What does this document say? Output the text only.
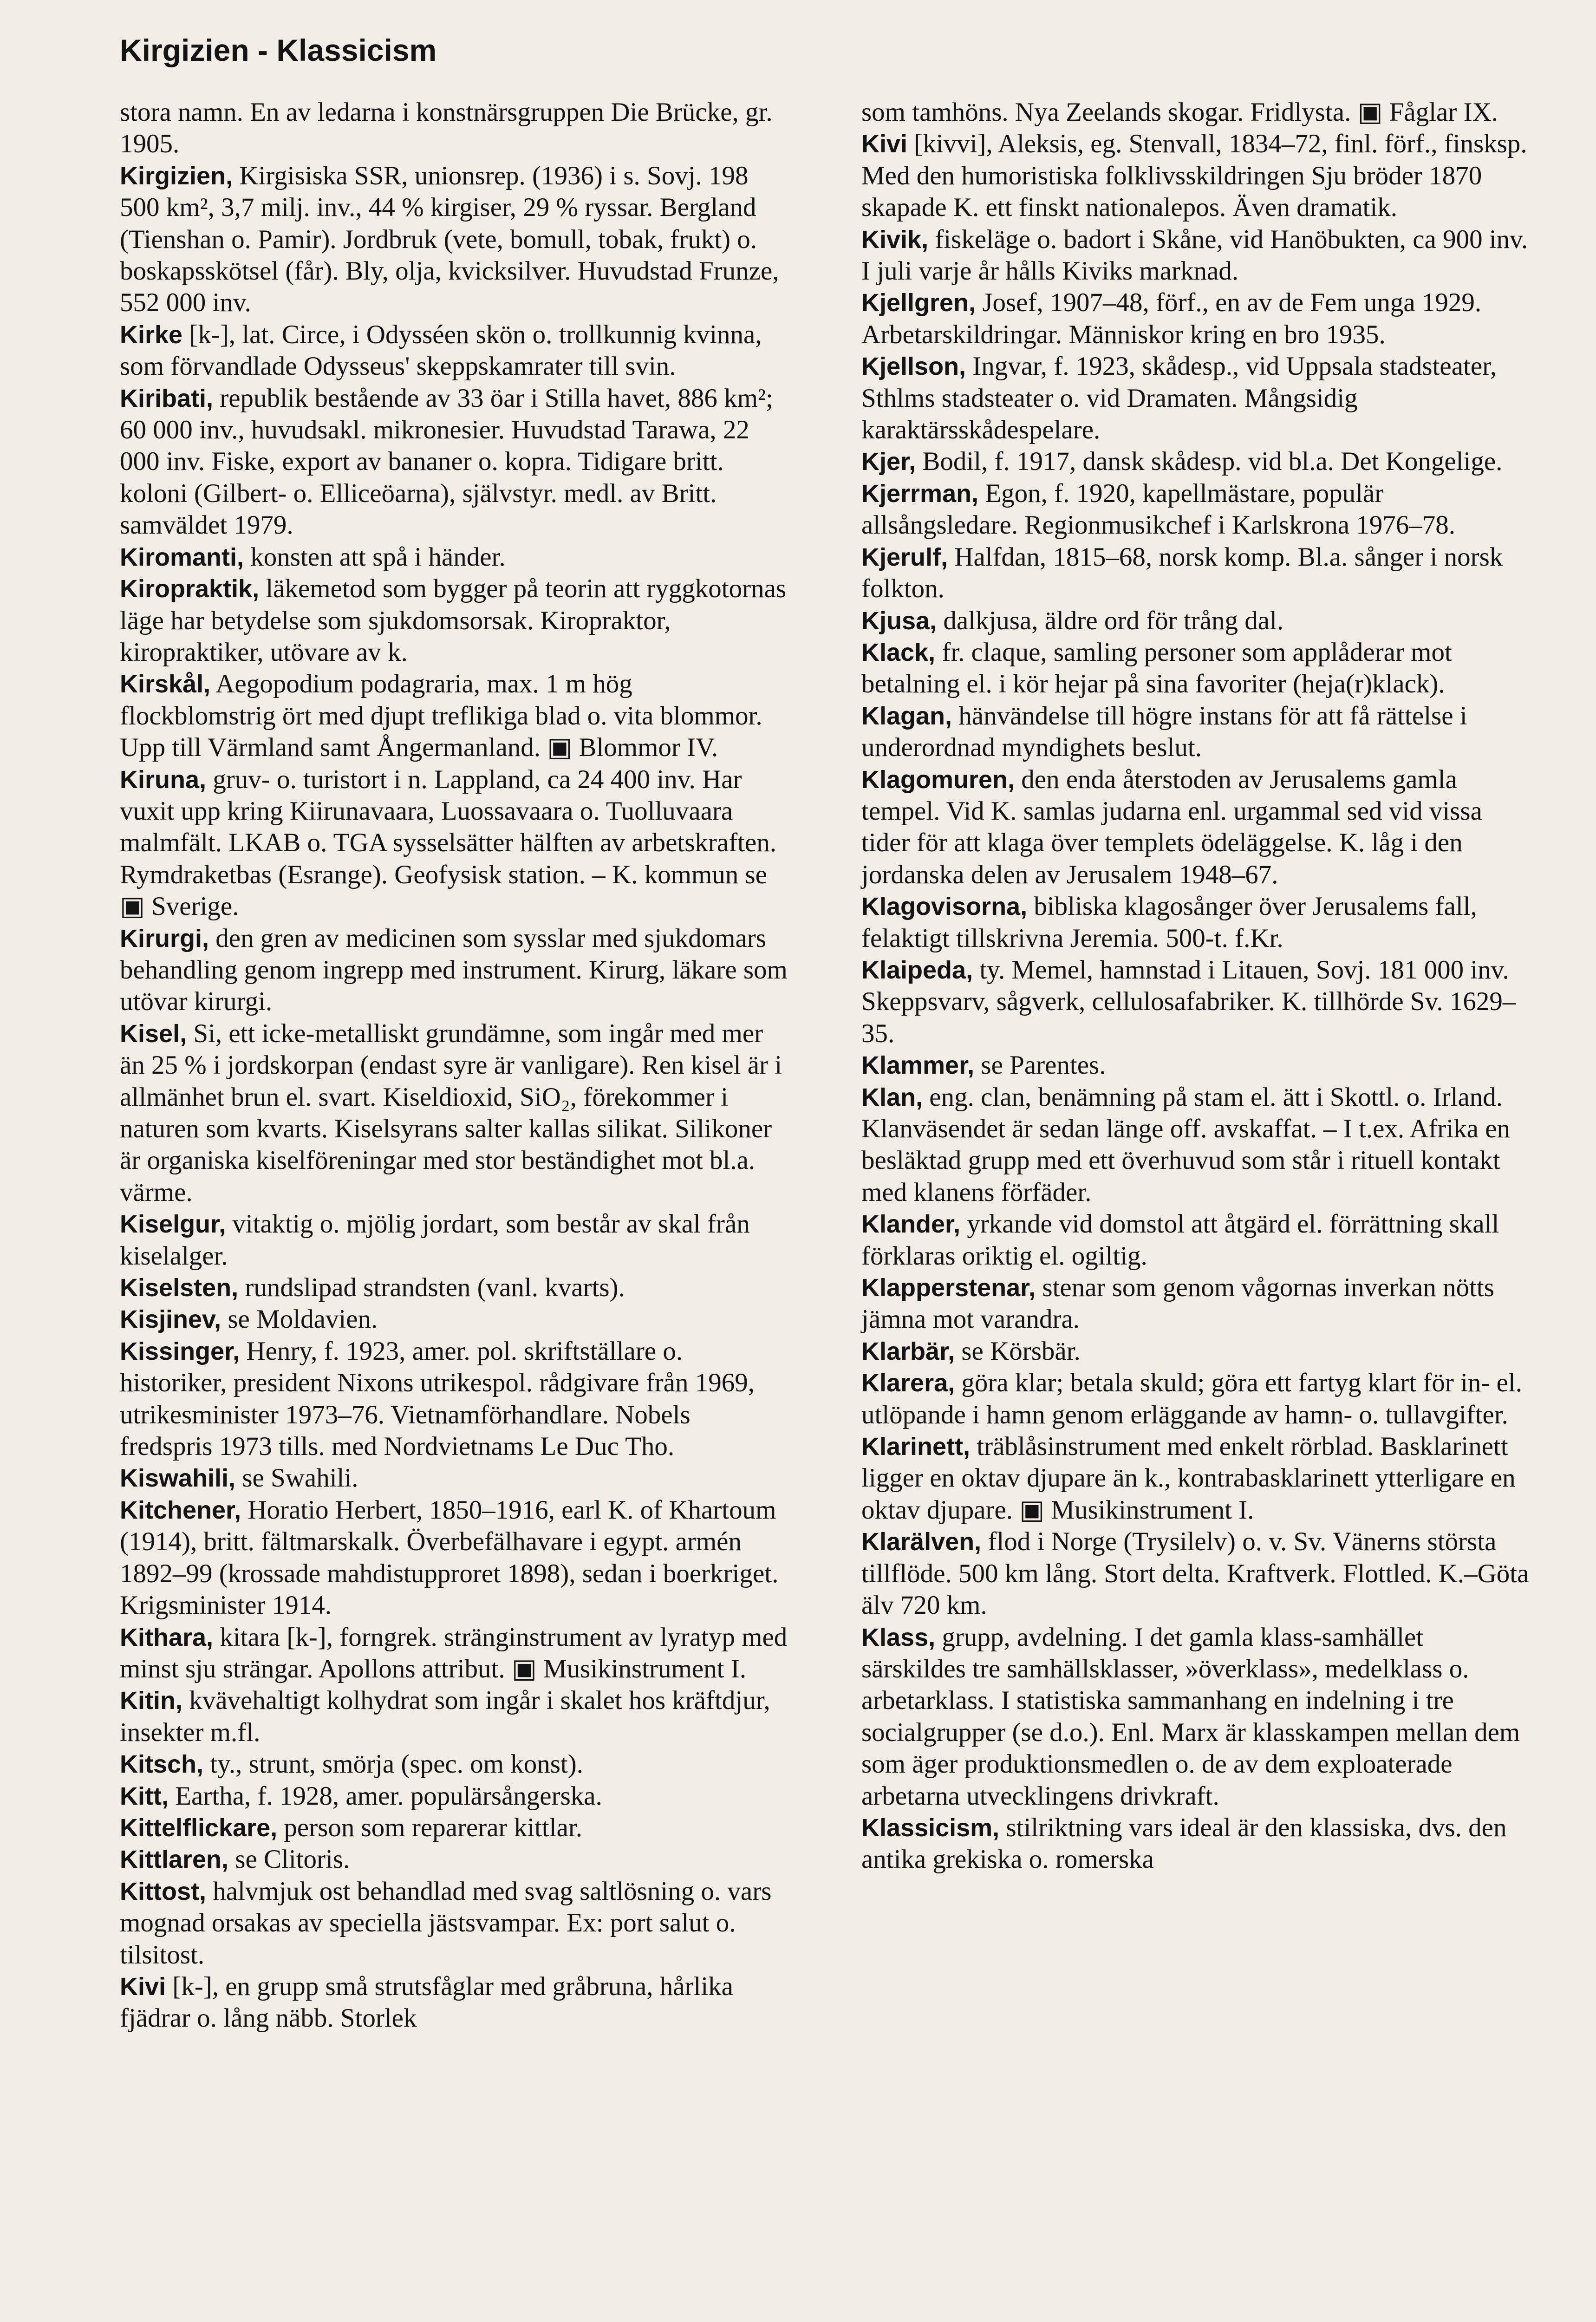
Kirgizien - Klassicism

stora namn. En av ledarna i konstnärsgruppen Die Brücke, gr. 1905.

Kirgizien, Kirgisiska SSR, unionsrep. (1936) i s. Sovj. 198 500 km², 3,7 milj. inv., 44 % kirgiser, 29 % ryssar. Bergland (Tienshan o. Pamir). Jordbruk (vete, bomull, tobak, frukt) o. boskapsskötsel (får). Bly, olja, kvicksilver. Huvudstad Frunze, 552 000 inv.

Kirke [k-], lat. Circe, i Odysséen skön o. trollkunnig kvinna, som förvandlade Odysseus' skeppskamrater till svin.

Kiribati, republik bestående av 33 öar i Stilla havet, 886 km²; 60 000 inv., huvudsakl. mikronesier. Huvudstad Tarawa, 22 000 inv. Fiske, export av bananer o. kopra. Tidigare britt. koloni (Gilbert- o. Elliceöarna), självstyr. medl. av Britt. samväldet 1979.

Kiromanti, konsten att spå i händer.

Kiropraktik, läkemetod som bygger på teorin att ryggkotornas läge har betydelse som sjukdomsorsak. Kiropraktor, kiropraktiker, utövare av k.

Kirskål, Aegopodium podagraria, max. 1 m hög flockblomstrig ört med djupt treflikiga blad o. vita blommor. Upp till Värmland samt Ångermanland. ▣ Blommor IV.

Kiruna, gruv- o. turistort i n. Lappland, ca 24 400 inv. Har vuxit upp kring Kiirunavaara, Luossavaara o. Tuolluvaara malmfält. LKAB o. TGA sysselsätter hälften av arbetskraften. Rymdraketbas (Esrange). Geofysisk station. – K. kommun se ▣ Sverige.

Kirurgi, den gren av medicinen som sysslar med sjukdomars behandling genom ingrepp med instrument. Kirurg, läkare som utövar kirurgi.

Kisel, Si, ett icke-metalliskt grundämne, som ingår med mer än 25 % i jordskorpan (endast syre är vanligare). Ren kisel är i allmänhet brun el. svart. Kiseldioxid, SiO₂, förekommer i naturen som kvarts. Kiselsyrans salter kallas silikat. Silikoner är organiska kiselföreningar med stor beständighet mot bl.a. värme.

Kiselgur, vitaktig o. mjölig jordart, som består av skal från kiselalger.

Kiselsten, rundslipad strandsten (vanl. kvarts).

Kisjinev, se Moldavien.

Kissinger, Henry, f. 1923, amer. pol. skriftställare o. historiker, president Nixons utrikespol. rådgivare från 1969, utrikesminister 1973–76. Vietnamförhandlare. Nobels fredspris 1973 tills. med Nordvietnams Le Duc Tho.

Kiswahili, se Swahili.

Kitchener, Horatio Herbert, 1850–1916, earl K. of Khartoum (1914), britt. fältmarskalk. Överbefälhavare i egypt. armén 1892–99 (krossade mahdistupproret 1898), sedan i boerkriget. Krigsminister 1914.

Kithara, kitara [k-], forngrek. stränginstrument av lyratyp med minst sju strängar. Apollons attribut. ▣ Musikinstrument I.

Kitin, kvävehaltigt kolhydrat som ingår i skalet hos kräftdjur, insekter m.fl.

Kitsch, ty., strunt, smörja (spec. om konst).

Kitt, Eartha, f. 1928, amer. populärsångerska.

Kittelflickare, person som reparerar kittlar.

Kittlaren, se Clitoris.

Kittost, halvmjuk ost behandlad med svag saltlösning o. vars mognad orsakas av speciella jästsvampar. Ex: port salut o. tilsitost.

Kivi [k-], en grupp små strutsfåglar med gråbruna, hårlika fjädrar o. lång näbb. Storlek

som tamhöns. Nya Zeelands skogar. Fridlysta. ▣ Fåglar IX.

Kivi [kivvi], Aleksis, eg. Stenvall, 1834–72, finl. förf., finsksp. Med den humoristiska folklivsskildringen Sju bröder 1870 skapade K. ett finskt nationalepos. Även dramatik.

Kivik, fiskeläge o. badort i Skåne, vid Hanöbukten, ca 900 inv. I juli varje år hålls Kiviks marknad.

Kjellgren, Josef, 1907–48, förf., en av de Fem unga 1929. Arbetarskildringar. Människor kring en bro 1935.

Kjellson, Ingvar, f. 1923, skådesp., vid Uppsala stadsteater, Sthlms stadsteater o. vid Dramaten. Mångsidig karaktärsskådespelare.

Kjer, Bodil, f. 1917, dansk skådesp. vid bl.a. Det Kongelige.

Kjerrman, Egon, f. 1920, kapellmästare, populär allsångsledare. Regionmusikchef i Karlskrona 1976–78.

Kjerulf, Halfdan, 1815–68, norsk komp. Bl.a. sånger i norsk folkton.

Kjusa, dalkjusa, äldre ord för trång dal.

Klack, fr. claque, samling personer som applåderar mot betalning el. i kör hejar på sina favoriter (heja(r)klack).

Klagan, hänvändelse till högre instans för att få rättelse i underordnad myndighets beslut.

Klagomuren, den enda återstoden av Jerusalems gamla tempel. Vid K. samlas judarna enl. urgammal sed vid vissa tider för att klaga över templets ödeläggelse. K. låg i den jordanska delen av Jerusalem 1948–67.

Klagovisorna, bibliska klagosånger över Jerusalems fall, felaktigt tillskrivna Jeremia. 500-t. f.Kr.

Klaipeda, ty. Memel, hamnstad i Litauen, Sovj. 181 000 inv. Skeppsvarv, sågverk, cellulosafabriker. K. tillhörde Sv. 1629–35.

Klammer, se Parentes.

Klan, eng. clan, benämning på stam el. ätt i Skottl. o. Irland. Klanväsendet är sedan länge off. avskaffat. – I t.ex. Afrika en besläktad grupp med ett överhuvud som står i rituell kontakt med klanens förfäder.

Klander, yrkande vid domstol att åtgärd el. förrättning skall förklaras oriktig el. ogiltig.

Klapperstenar, stenar som genom vågornas inverkan nötts jämna mot varandra.

Klarbär, se Körsbär.

Klarera, göra klar; betala skuld; göra ett fartyg klart för in- el. utlöpande i hamn genom erläggande av hamn- o. tullavgifter.

Klarinett, träblåsinstrument med enkelt rörblad. Basklarinett ligger en oktav djupare än k., kontrabasklarinett ytterligare en oktav djupare. ▣ Musikinstrument I.

Klarälven, flod i Norge (Trysilelv) o. v. Sv. Vänerns största tillflöde. 500 km lång. Stort delta. Kraftverk. Flottled. K.–Göta älv 720 km.

Klass, grupp, avdelning. I det gamla klass-samhället särskildes tre samhällsklasser, »överklass», medelklass o. arbetarklass. I statistiska sammanhang en indelning i tre socialgrupper (se d.o.). Enl. Marx är klasskampen mellan dem som äger produktionsmedlen o. de av dem exploaterade arbetarna utvecklingens drivkraft.

Klassicism, stilriktning vars ideal är den klassiska, dvs. den antika grekiska o. romerska
